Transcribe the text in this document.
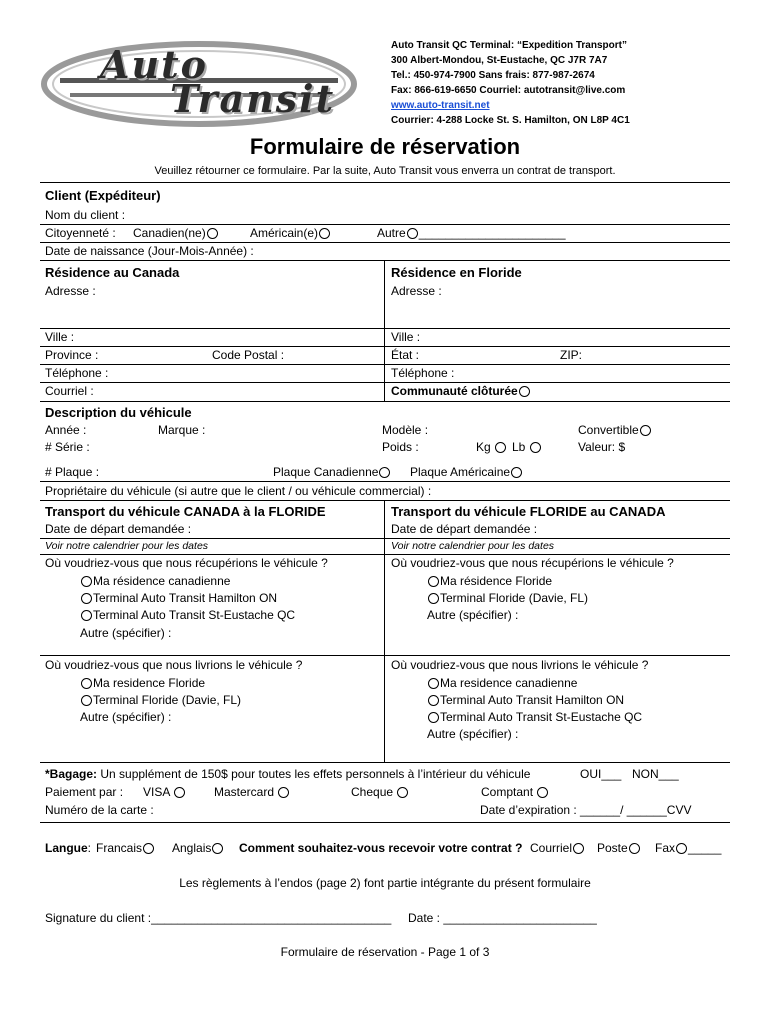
Auto
Transit
Auto Transit QC Terminal: “Expedition Transport”
300 Albert-Mondou, St-Eustache, QC J7R 7A7
Tel.: 450-974-7900 Sans frais: 877-987-2674
Fax: 866-619-6650 Courriel: autotransit@live.com
www.auto-transit.net
Courrier: 4-288 Locke St. S. Hamilton, ON L8P 4C1
Formulaire de réservation
Veuillez rétourner ce formulaire. Par la suite, Auto Transit vous enverra un contrat de transport.
Client (Expéditeur)
Nom du client :
Citoyenneté : Canadien(ne)	Américain(e)	Autre ______________________
Date de naissance (Jour-Mois-Année) :
Résidence au Canada
Adresse :
Résidence en Floride
Adresse :
Ville :	Ville :
Province :	Code Postal :	État :	ZIP:
Téléphone :	Téléphone :
Courriel :	Communauté clôturée
Description du véhicule
Année :	Marque :	Modèle :	Convertible
# Série :	Poids :	Kg	Lb	Valeur: $
# Plaque :	Plaque Canadienne	Plaque Américaine
Propriétaire du véhicule (si autre que le client / ou véhicule commercial) :
Transport du véhicule CANADA à la FLORIDE	Transport du véhicule FLORIDE au CANADA
Date de départ demandée :	Date de départ demandée :
Voir notre calendrier pour les dates	Voir notre calendrier pour les dates
Où voudriez-vous que nous récupérions le véhicule ?
Ma résidence canadienne
Terminal Auto Transit Hamilton ON
Terminal Auto Transit St-Eustache QC
Autre (spécifier) :
Où voudriez-vous que nous récupérions le véhicule ?
Ma résidence Floride
Terminal Floride (Davie, FL)
Autre (spécifier) :
Où voudriez-vous que nous livrions le véhicule ?
Ma residence Floride
Terminal Floride (Davie, FL)
Autre (spécifier) :
Où voudriez-vous que nous livrions le véhicule ?
Ma residence canadienne
Terminal Auto Transit Hamilton ON
Terminal Auto Transit St-Eustache QC
Autre (spécifier) :
*Bagage: Un supplément de 150$ pour toutes les effets personnels à l’intérieur du véhicule	OUI___ NON___
Paiement par : VISA	Mastercard	Cheque	Comptant
Numéro de la carte :	Date d’expiration : ______/ ______CVV
Langue: Francais	Anglais	Comment souhaitez-vous recevoir votre contrat ? Courriel	Poste	Fax _____
Les règlements à l’endos (page 2) font partie intégrante du présent formulaire
Signature du client :____________________________________ Date : _______________________
Formulaire de réservation - Page 1 of 3
